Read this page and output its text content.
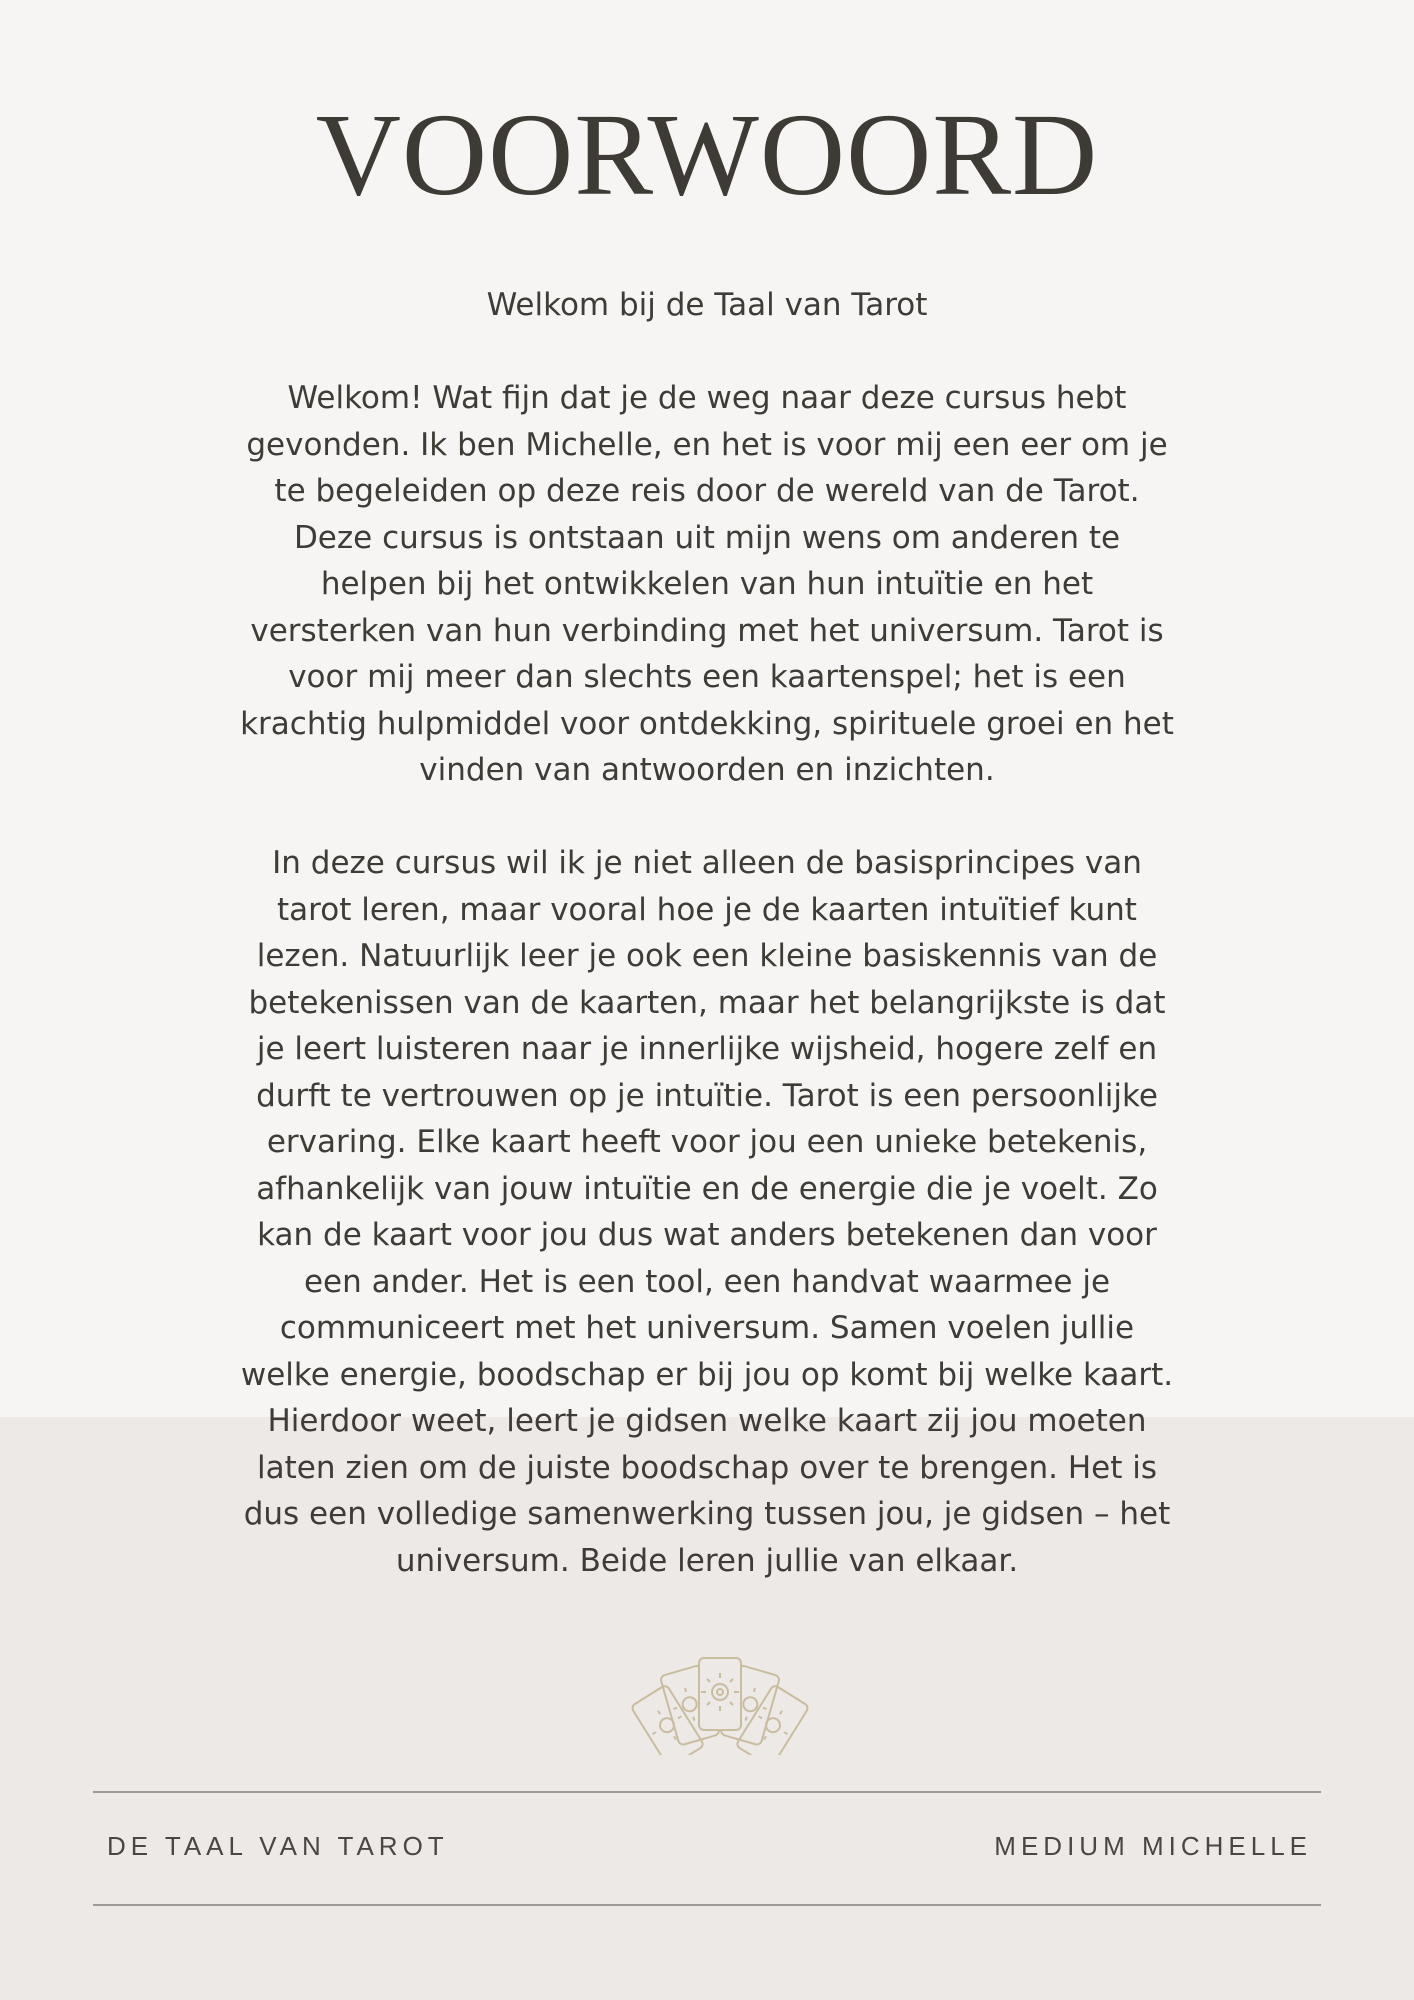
VOORWOORD

Welkom bij de Taal van Tarot

Welkom! Wat fijn dat je de weg naar deze cursus hebt gevonden. Ik ben Michelle, en het is voor mij een eer om je te begeleiden op deze reis door de wereld van de Tarot. Deze cursus is ontstaan uit mijn wens om anderen te helpen bij het ontwikkelen van hun intuïtie en het versterken van hun verbinding met het universum. Tarot is voor mij meer dan slechts een kaartenspel; het is een krachtig hulpmiddel voor ontdekking, spirituele groei en het vinden van antwoorden en inzichten.

In deze cursus wil ik je niet alleen de basisprincipes van tarot leren, maar vooral hoe je de kaarten intuïtief kunt lezen. Natuurlijk leer je ook een kleine basiskennis van de betekenissen van de kaarten, maar het belangrijkste is dat je leert luisteren naar je innerlijke wijsheid, hogere zelf en durft te vertrouwen op je intuïtie. Tarot is een persoonlijke ervaring. Elke kaart heeft voor jou een unieke betekenis, afhankelijk van jouw intuïtie en de energie die je voelt. Zo kan de kaart voor jou dus wat anders betekenen dan voor een ander. Het is een tool, een handvat waarmee je communiceert met het universum. Samen voelen jullie welke energie, boodschap er bij jou op komt bij welke kaart. Hierdoor weet, leert je gidsen welke kaart zij jou moeten laten zien om de juiste boodschap over te brengen. Het is dus een volledige samenwerking tussen jou, je gidsen – het universum. Beide leren jullie van elkaar.

DE TAAL VAN TAROT	MEDIUM MICHELLE
